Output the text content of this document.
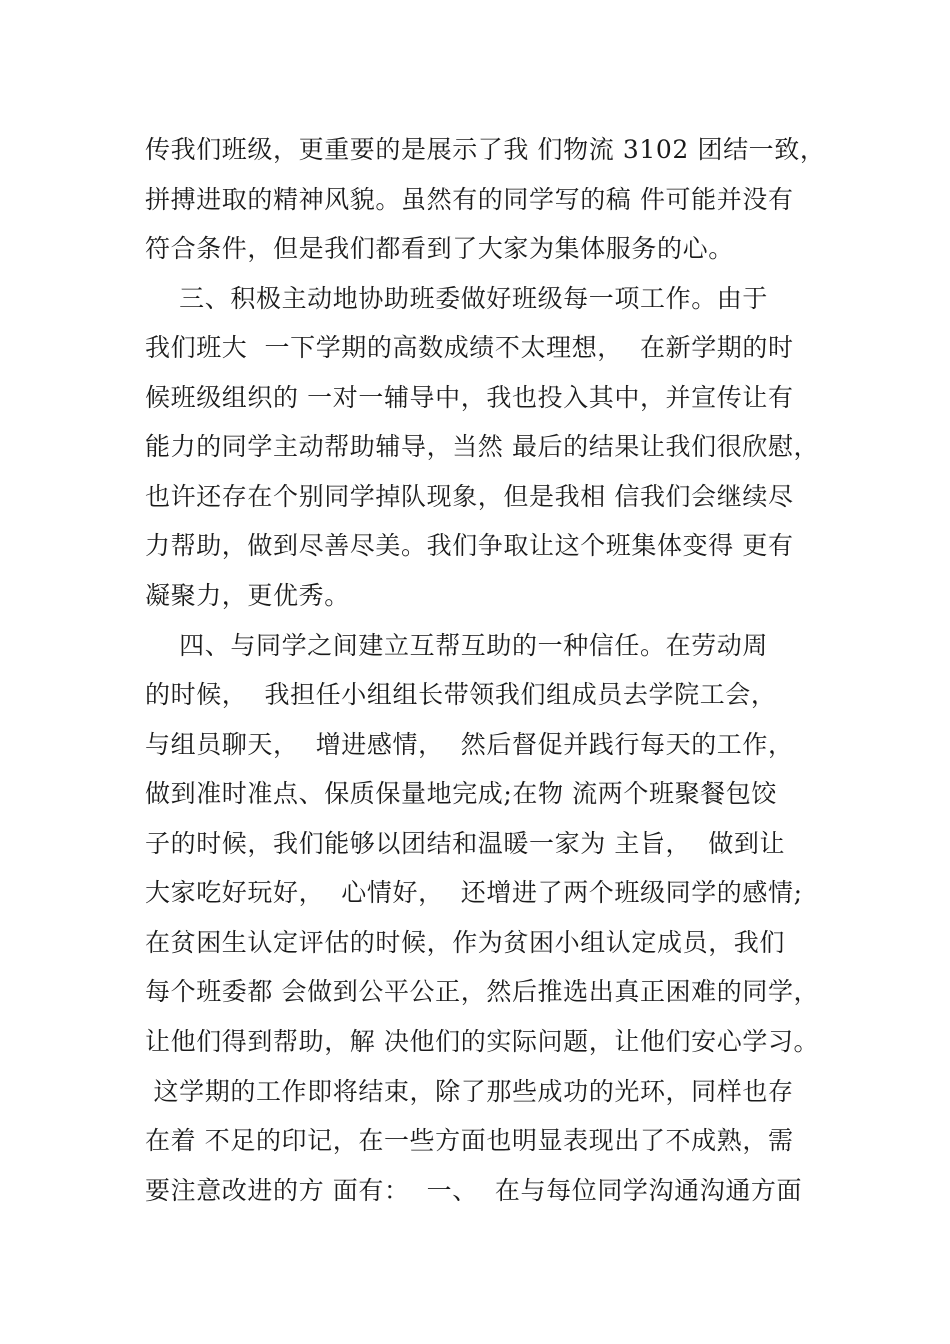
传我们班级，更重要的是展示了我 们物流 3102 团结一致，
拼搏进取的精神风貌。虽然有的同学写的稿 件可能并没有
符合条件，但是我们都看到了大家为集体服务的心。
三、积极主动地协助班委做好班级每一项工作。由于
我们班大  一下学期的高数成绩不太理想，  在新学期的时
候班级组织的 一对一辅导中，我也投入其中，并宣传让有
能力的同学主动帮助辅导，当然 最后的结果让我们很欣慰，
也许还存在个别同学掉队现象，但是我相 信我们会继续尽
力帮助，做到尽善尽美。我们争取让这个班集体变得 更有
凝聚力，更优秀。
四、与同学之间建立互帮互助的一种信任。在劳动周
的时候，  我担任小组组长带领我们组成员去学院工会，
与组员聊天，  增进感情，  然后督促并践行每天的工作，
做到准时准点、保质保量地完成;在物 流两个班聚餐包饺
子的时候，我们能够以团结和温暖一家为 主旨，  做到让
大家吃好玩好，  心情好，  还增进了两个班级同学的感情;
在贫困生认定评估的时候，作为贫困小组认定成员，我们
每个班委都 会做到公平公正，然后推选出真正困难的同学，
让他们得到帮助，解 决他们的实际问题，让他们安心学习。
这学期的工作即将结束，除了那些成功的光环，同样也存
在着 不足的印记，在一些方面也明显表现出了不成熟，需
要注意改进的方 面有：  一、  在与每位同学沟通沟通方面
